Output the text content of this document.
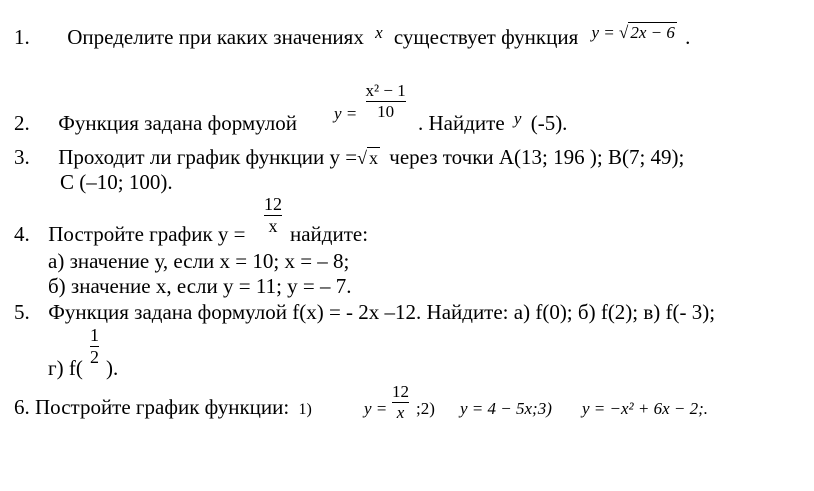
1. Определите при каких значениях $^x$ существует функция $^{y = √ 2x - 6}$ .
2. Функция задана формулой $y = \frac{\text{x² − 1}}{10}$
. Найдите $^y$ (-5).
3. Проходит ли график функции у =√ x через точки А(13; 196 ); В(7; 49);
С (–10; 100).
4. Постройте график $у = \frac{12}{x}$ найдите:
а) значение у, если х = 10; х = – 8;
б) значение х, если у = 11; у = – 7.
5. Функция задана формулой f(x) = - 2х –12. Найдите: а) f(0); б) f(2); в) f(- 3);
г) f(
$\frac{1}{2}$
).
6. Постройте график функции: 1)	$y = \frac{12}{x}$ ;2) y = 4 − 5x;3) y = −x² + 6x − 2;.
